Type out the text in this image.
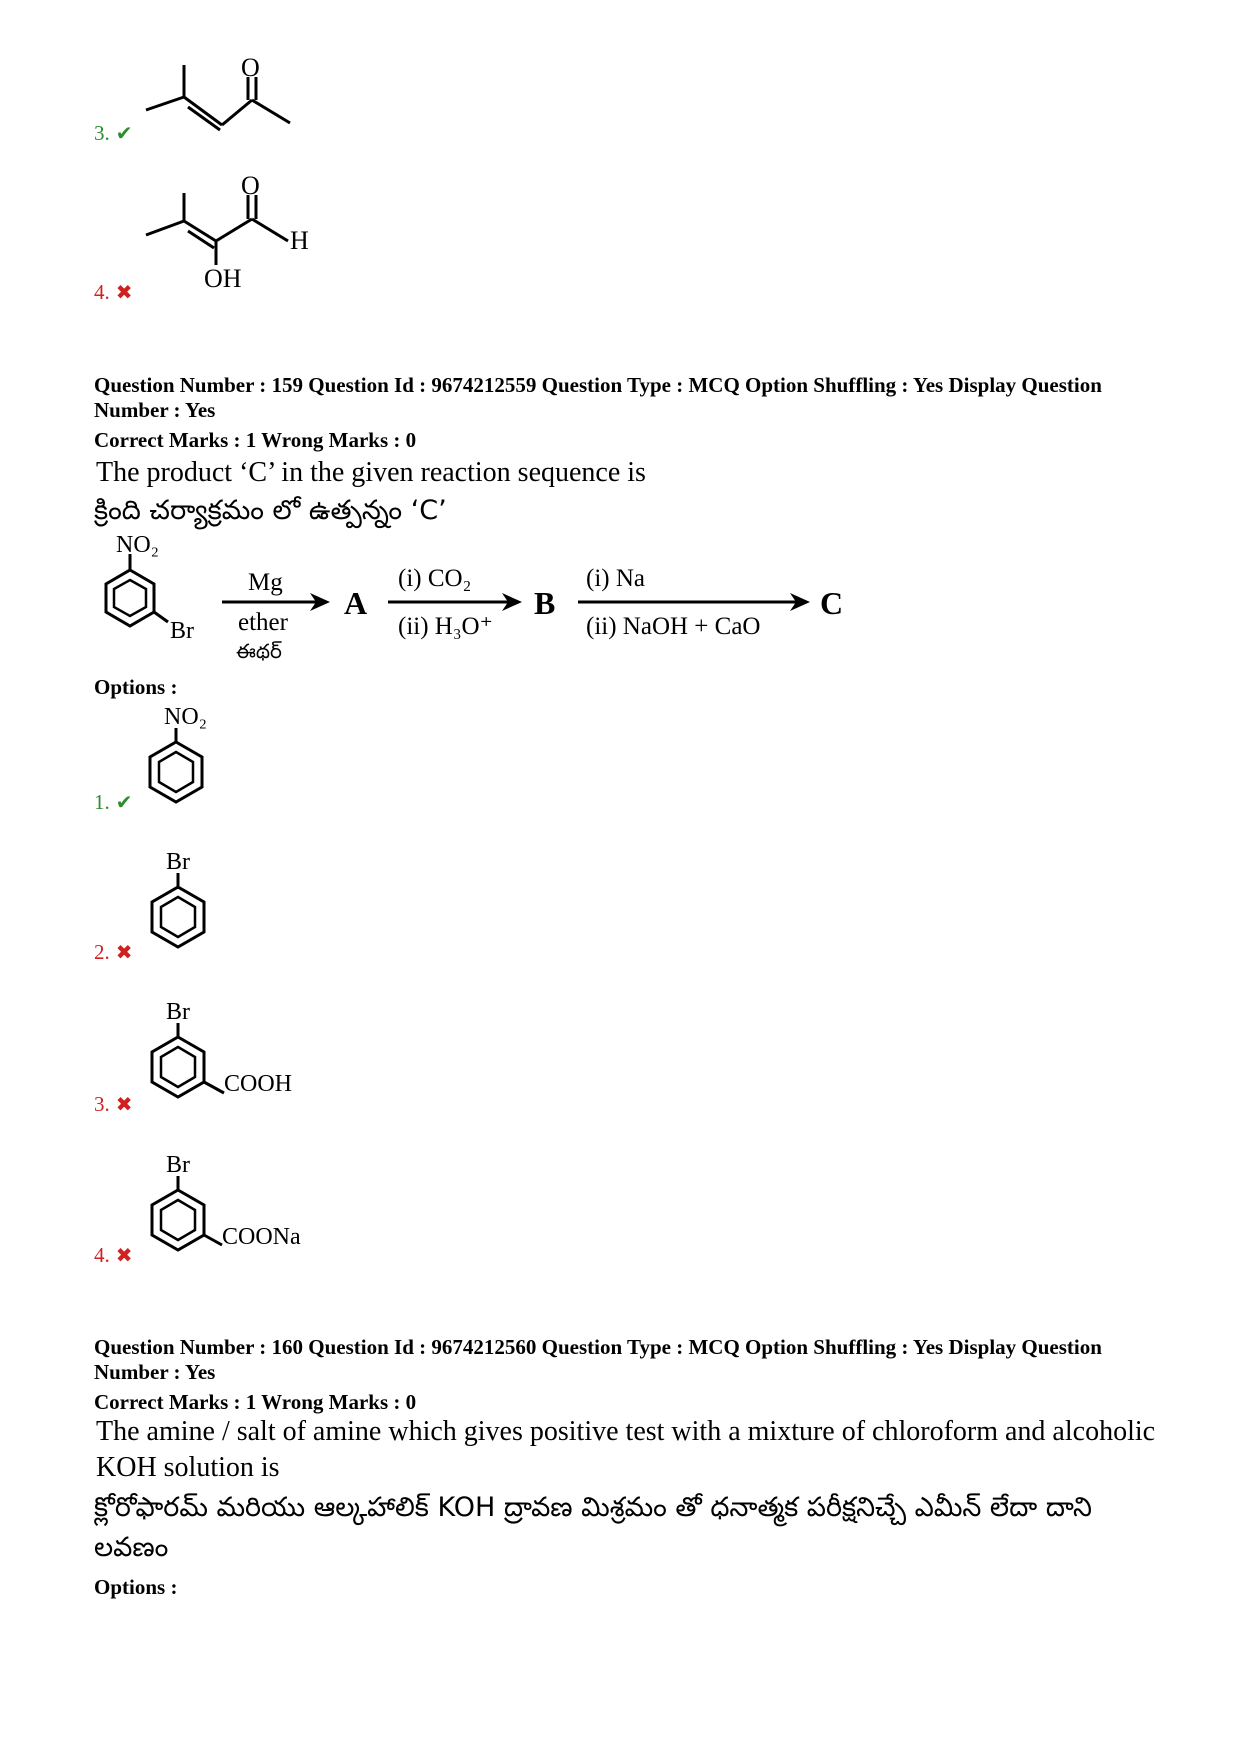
O
3. ✔
O
H
OH
4. ✖
Question Number : 159 Question Id : 9674212559 Question Type : MCQ Option Shuffling : Yes Display Question Number : Yes
Correct Marks : 1 Wrong Marks : 0
The product ‘C’ in the given reaction sequence is
క్రింది చర్యాక్రమం లో ఉత్పన్నం ‘C’
NO₂
Br
Mg
ether
ఈథర్
A
(i) CO₂
(ii) H₃O⁺
B
(i) Na
(ii) NaOH + CaO
C
Options :
NO₂
1. ✔
Br
2. ✖
Br
COOH
3. ✖
Br
COONa
4. ✖
Question Number : 160 Question Id : 9674212560 Question Type : MCQ Option Shuffling : Yes Display Question Number : Yes
Correct Marks : 1 Wrong Marks : 0
The amine / salt of amine which gives positive test with a mixture of chloroform and alcoholic KOH solution is
క్లోరోఫారమ్ మరియు ఆల్కహాలిక్ KOH ద్రావణ మిశ్రమం తో ధనాత్మక పరీక్షనిచ్చే ఎమీన్ లేదా దాని లవణం
Options :
